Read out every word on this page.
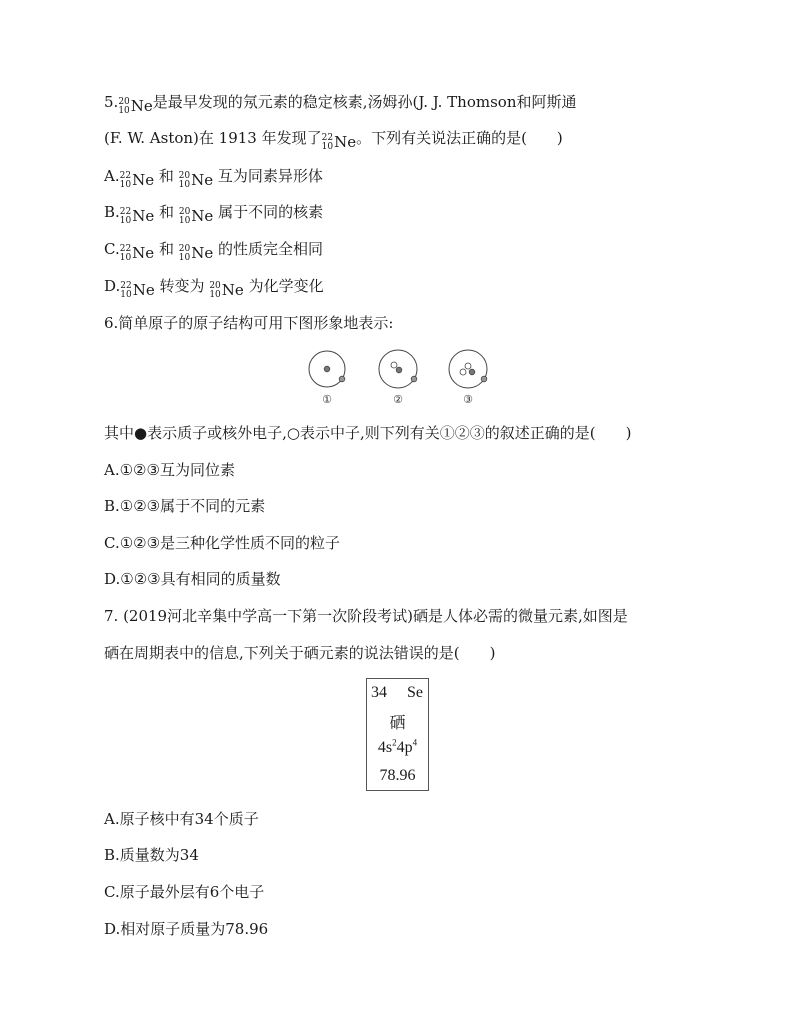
5. 20
10 Ne是最早发现的氖元素的稳定核素,汤姆孙(J. J. Thomson和阿斯通
(F. W. Aston)在 1913 年发现了 22
10 Ne。下列有关说法正确的是(　　)
A. 22
10 Ne 和 20
10 Ne 互为同素异形体
B. 22
10 Ne 和 20
10 Ne 属于不同的核素
C. 22
10 Ne 和 20
10 Ne 的性质完全相同
D. 22
10 Ne 转变为 20
10 Ne 为化学变化
6.简单原子的原子结构可用下图形象地表示:
①	②	③
其中●表示质子或核外电子,○表示中子,则下列有关①②③的叙述正确的是(　　)
A.①②③互为同位素
B.①②③属于不同的元素
C.①②③是三种化学性质不同的粒子
D.①②③具有相同的质量数
7. (2019河北辛集中学高一下第一次阶段考试)硒是人体必需的微量元素,如图是
硒在周期表中的信息,下列关于硒元素的说法错误的是(　　)
34 Se
硒
$4s^24p^4$
78.96
A.原子核中有34个质子
B.质量数为34
C.原子最外层有6个电子
D.相对原子质量为78.96
